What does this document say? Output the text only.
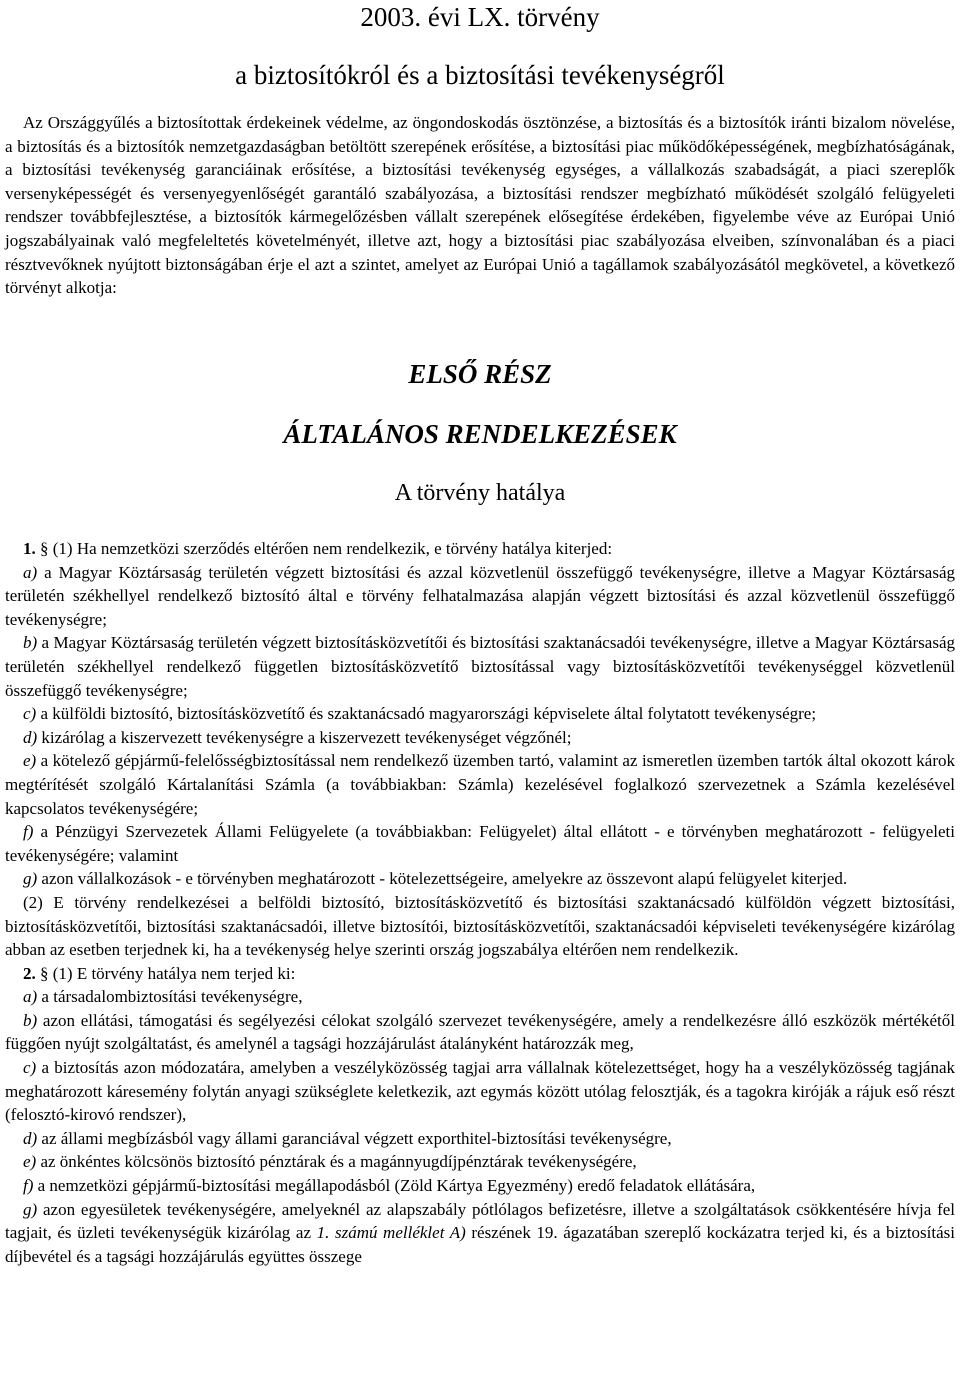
2003. évi LX. törvény
a biztosítókról és a biztosítási tevékenységről
Az Országgyűlés a biztosítottak érdekeinek védelme, az öngondoskodás ösztönzése, a biztosítás és a biztosítók iránti bizalom növelése, a biztosítás és a biztosítók nemzetgazdaságban betöltött szerepének erősítése, a biztosítási piac működőképességének, megbízhatóságának, a biztosítási tevékenység garanciáinak erősítése, a biztosítási tevékenység egységes, a vállalkozás szabadságát, a piaci szereplők versenyképességét és versenyegyenlőségét garantáló szabályozása, a biztosítási rendszer megbízható működését szolgáló felügyeleti rendszer továbbfejlesztése, a biztosítók kármegelőzésben vállalt szerepének elősegítése érdekében, figyelembe véve az Európai Unió jogszabályainak való megfeleltetés követelményét, illetve azt, hogy a biztosítási piac szabályozása elveiben, színvonalában és a piaci résztvevőknek nyújtott biztonságában érje el azt a szintet, amelyet az Európai Unió a tagállamok szabályozásától megkövetel, a következő törvényt alkotja:
ELSŐ RÉSZ
ÁLTALÁNOS RENDELKEZÉSEK
A törvény hatálya

1. § (1) Ha nemzetközi szerződés eltérően nem rendelkezik, e törvény hatálya kiterjed:

a) a Magyar Köztársaság területén végzett biztosítási és azzal közvetlenül összefüggő tevékenységre, illetve a Magyar Köztársaság területén székhellyel rendelkező biztosító által e törvény felhatalmazása alapján végzett biztosítási és azzal közvetlenül összefüggő tevékenységre;

b) a Magyar Köztársaság területén végzett biztosításközvetítői és biztosítási szaktanácsadói tevékenységre, illetve a Magyar Köztársaság területén székhellyel rendelkező független biztosításközvetítő biztosítással vagy biztosításközvetítői tevékenységgel közvetlenül összefüggő tevékenységre;

c) a külföldi biztosító, biztosításközvetítő és szaktanácsadó magyarországi képviselete által folytatott tevékenységre;

d) kizárólag a kiszervezett tevékenységre a kiszervezett tevékenységet végzőnél;

e) a kötelező gépjármű-felelősségbiztosítással nem rendelkező üzemben tartó, valamint az ismeretlen üzemben tartók által okozott károk megtérítését szolgáló Kártalanítási Számla (a továbbiakban: Számla) kezelésével foglalkozó szervezetnek a Számla kezelésével kapcsolatos tevékenységére;

f) a Pénzügyi Szervezetek Állami Felügyelete (a továbbiakban: Felügyelet) által ellátott - e törvényben meghatározott - felügyeleti tevékenységére; valamint

g) azon vállalkozások - e törvényben meghatározott - kötelezettségeire, amelyekre az összevont alapú felügyelet kiterjed.

(2) E törvény rendelkezései a belföldi biztosító, biztosításközvetítő és biztosítási szaktanácsadó külföldön végzett biztosítási, biztosításközvetítői, biztosítási szaktanácsadói, illetve biztosítói, biztosításközvetítői, szaktanácsadói képviseleti tevékenységére kizárólag abban az esetben terjednek ki, ha a tevékenység helye szerinti ország jogszabálya eltérően nem rendelkezik.

2. § (1) E törvény hatálya nem terjed ki:

a) a társadalombiztosítási tevékenységre,

b) azon ellátási, támogatási és segélyezési célokat szolgáló szervezet tevékenységére, amely a rendelkezésre álló eszközök mértékétől függően nyújt szolgáltatást, és amelynél a tagsági hozzájárulást átalányként határozzák meg,

c) a biztosítás azon módozatára, amelyben a veszélyközösség tagjai arra vállalnak kötelezettséget, hogy ha a veszélyközösség tagjának meghatározott káresemény folytán anyagi szükséglete keletkezik, azt egymás között utólag felosztják, és a tagokra kiróják a rájuk eső részt (felosztó-kirovó rendszer),

d) az állami megbízásból vagy állami garanciával végzett exporthitel-biztosítási tevékenységre,

e) az önkéntes kölcsönös biztosító pénztárak és a magánnyugdíjpénztárak tevékenységére,

f) a nemzetközi gépjármű-biztosítási megállapodásból (Zöld Kártya Egyezmény) eredő feladatok ellátására,

g) azon egyesületek tevékenységére, amelyeknél az alapszabály pótlólagos befizetésre, illetve a szolgáltatások csökkentésére hívja fel tagjait, és üzleti tevékenységük kizárólag az 1. számú melléklet A) részének 19. ágazatában szereplő kockázatra terjed ki, és a biztosítási díjbevétel és a tagsági hozzájárulás együttes összege
